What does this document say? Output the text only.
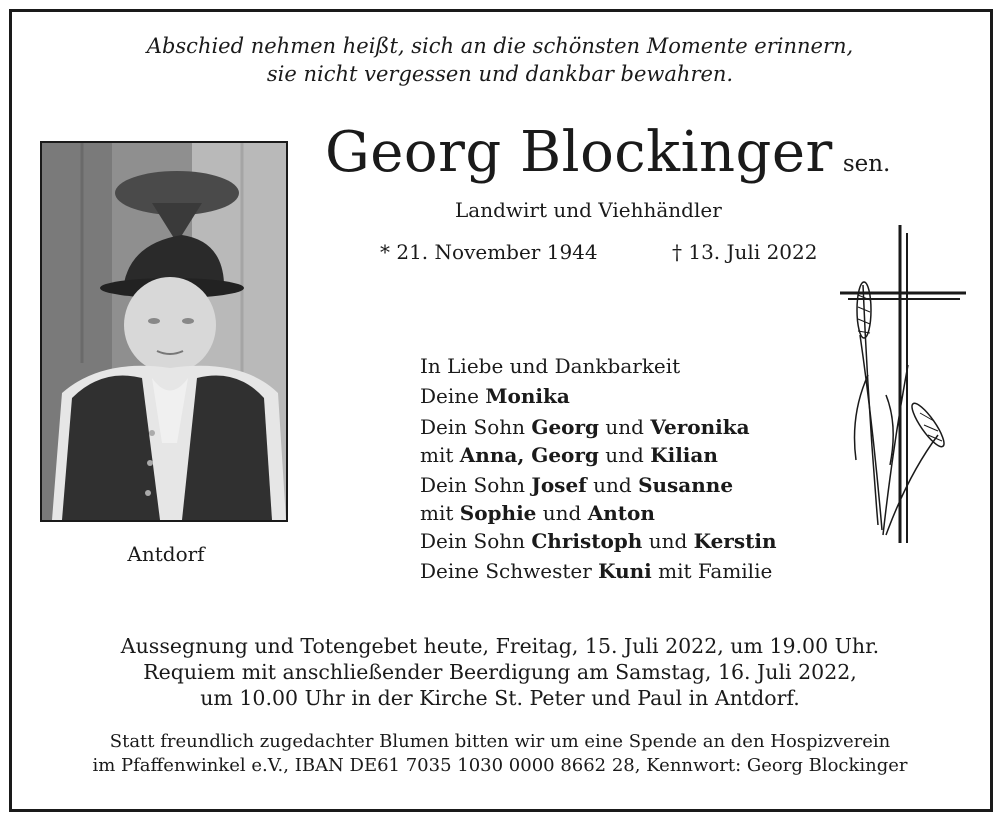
Abschied nehmen heißt, sich an die schönsten Momente erinnern,
sie nicht vergessen und dankbar bewahren.
Antdorf
Georg Blockinger sen.
Landwirt und Viehhändler
* 21. November 1944	† 13. Juli 2022
In Liebe und Dankbarkeit
Deine Monika
Dein Sohn Georg und Veronika
mit Anna, Georg und Kilian
Dein Sohn Josef und Susanne
mit Sophie und Anton
Dein Sohn Christoph und Kerstin
Deine Schwester Kuni mit Familie
Aussegnung und Totengebet heute, Freitag, 15. Juli 2022, um 19.00 Uhr.
Requiem mit anschließender Beerdigung am Samstag, 16. Juli 2022,
um 10.00 Uhr in der Kirche St. Peter und Paul in Antdorf.
Statt freundlich zugedachter Blumen bitten wir um eine Spende an den Hospizverein
im Pfaffenwinkel e.V., IBAN DE61 7035 1030 0000 8662 28, Kennwort: Georg Blockinger
